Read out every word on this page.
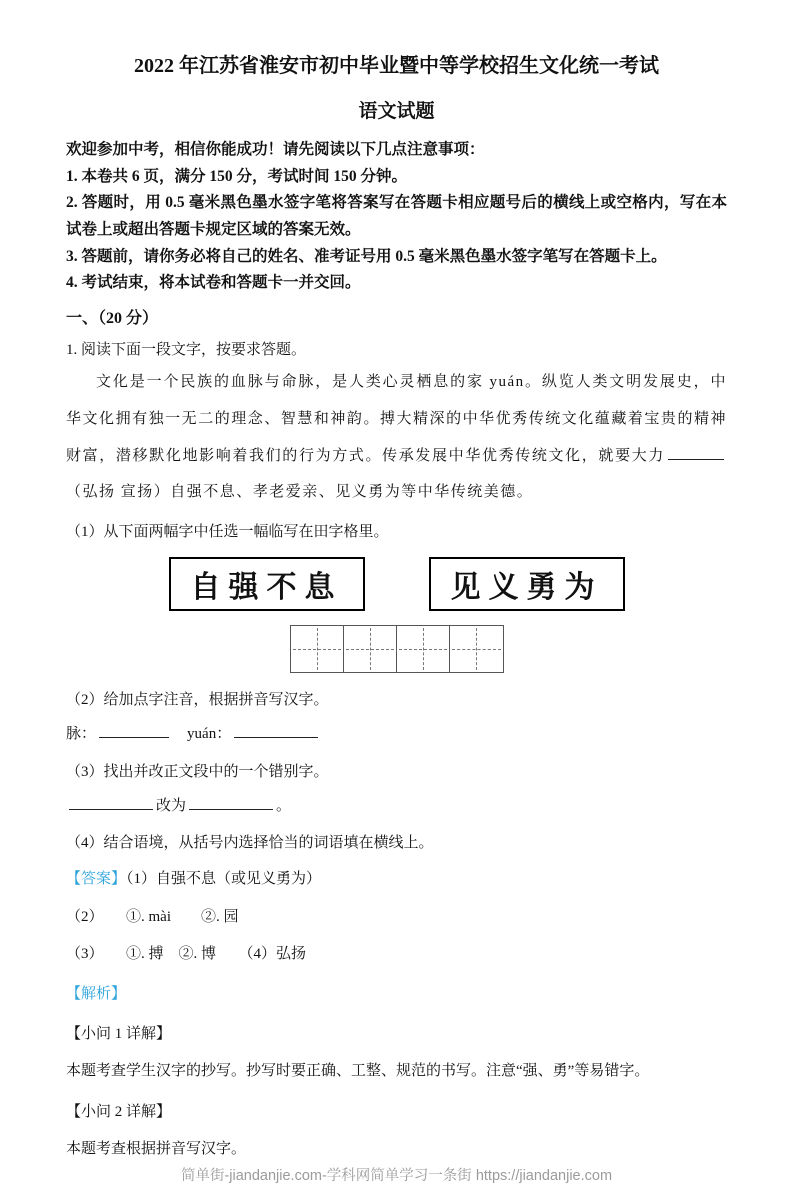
2022 年江苏省淮安市初中毕业暨中等学校招生文化统一考试
语文试题

欢迎参加中考，相信你能成功！请先阅读以下几点注意事项：

1. 本卷共 6 页，满分 150 分，考试时间 150 分钟。

2. 答题时，用 0.5 毫米黑色墨水签字笔将答案写在答题卡相应题号后的横线上或空格内，写在本试卷上或超出答题卡规定区域的答案无效。

3. 答题前，请你务必将自己的姓名、准考证号用 0.5 毫米黑色墨水签字笔写在答题卡上。

4. 考试结束，将本试卷和答题卡一并交回。

一、（20 分）

1. 阅读下面一段文字，按要求答题。

文化是一个民族的血脉与命脉，是人类心灵栖息的家 yuán。纵览人类文明发展史，中华文化拥有独一无二的理念、智慧和神韵。搏大精深的中华优秀传统文化蕴藏着宝贵的精神财富，潜移默化地影响着我们的行为方式。传承发展中华优秀传统文化，就要大力（弘扬 宣扬）自强不息、孝老爱亲、见义勇为等中华传统美德。

（1）从下面两幅字中任选一幅临写在田字格里。

自强不息	见义勇为

（2）给加点字注音，根据拼音写汉字。

脉：　	yuán：

（3）找出并改正文段中的一个错别字。

改为	。

（4）结合语境，从括号内选择恰当的词语填在横线上。

【答案】（1）自强不息（或见义勇为）

（2）　　①. mài　　②. 园

（3）　　①. 搏　②. 博　　（4）弘扬

【解析】

【小问 1 详解】

本题考查学生汉字的抄写。抄写时要正确、工整、规范的书写。注意“强、勇”等易错字。

【小问 2 详解】

本题考查根据拼音写汉字。

简单街-jiandanjie.com-学科网简单学习一条街 https://jiandanjie.com
